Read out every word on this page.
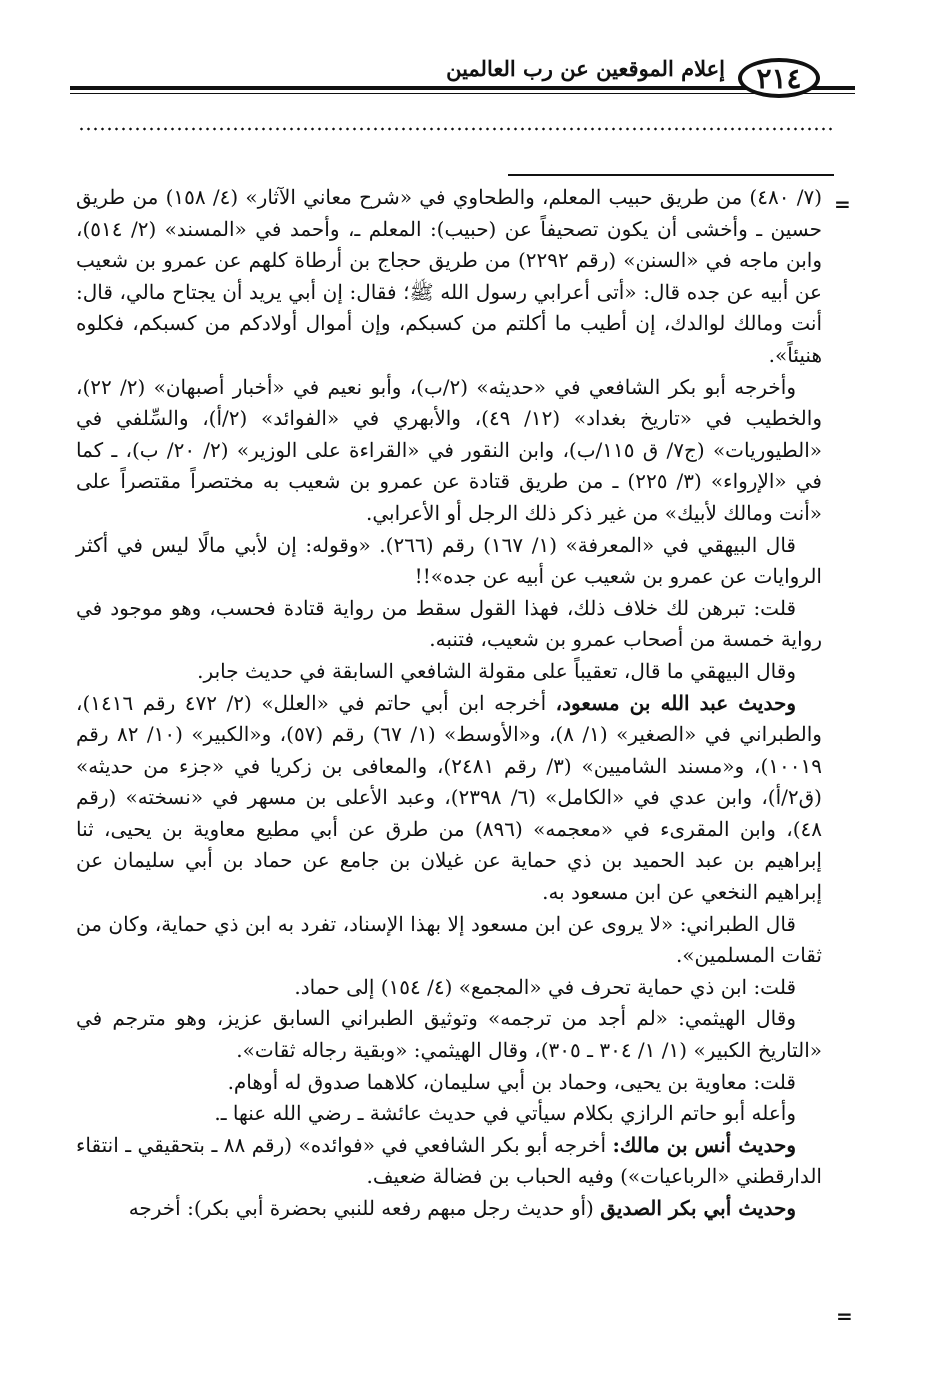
٢١٤
إعلام الموقعين عن رب العالمين
=

(٧/ ٤٨٠) من طريق حبيب المعلم، والطحاوي في «شرح معاني الآثار» (٤/ ١٥٨) من طريق حسين ـ وأخشى أن يكون تصحيفاً عن (حبيب): المعلم ـ، وأحمد في «المسند» (٢/ ٥١٤)، وابن ماجه في «السنن» (رقم ٢٢٩٢) من طريق حجاج بن أرطاة كلهم عن عمرو بن شعيب عن أبيه عن جده قال: «أتى أعرابي رسول الله ﷺ؛ فقال: إن أبي يريد أن يجتاح مالي، قال: أنت ومالك لوالدك، إن أطيب ما أكلتم من كسبكم، وإن أموال أولادكم من كسبكم، فكلوه هنيئاً».

وأخرجه أبو بكر الشافعي في «حديثه» (٢/ب)، وأبو نعيم في «أخبار أصبهان» (٢/ ٢٢)، والخطيب في «تاريخ بغداد» (١٢/ ٤٩)، والأبهري في «الفوائد» (٢/أ)، والسِّلفي في «الطيوريات» (ج٧/ ق ١١٥/ب)، وابن النقور في «القراءة على الوزير» (٢/ ٢٠/ ب)، ـ كما في «الإرواء» (٣/ ٢٢٥) ـ من طريق قتادة عن عمرو بن شعيب به مختصراً مقتصراً على «أنت ومالك لأبيك» من غير ذكر ذلك الرجل أو الأعرابي.

قال البيهقي في «المعرفة» (١/ ١٦٧) رقم (٢٦٦). «وقوله: إن لأبي مالًا ليس في أكثر الروايات عن عمرو بن شعيب عن أبيه عن جده»!!

قلت: تبرهن لك خلاف ذلك، فهذا القول سقط من رواية قتادة فحسب، وهو موجود في رواية خمسة من أصحاب عمرو بن شعيب، فتنبه.

وقال البيهقي ما قال، تعقيباً على مقولة الشافعي السابقة في حديث جابر.

وحديث عبد الله بن مسعود، أخرجه ابن أبي حاتم في «العلل» (٢/ ٤٧٢ رقم ١٤١٦)، والطبراني في «الصغير» (١/ ٨)، و«الأوسط» (١/ ٦٧) رقم (٥٧)، و«الكبير» (١٠/ ٨٢ رقم ١٠٠١٩)، و«مسند الشاميين» (٣/ رقم ٢٤٨١)، والمعافى بن زكريا في «جزء من حديثه» (ق٢/أ)، وابن عدي في «الكامل» (٦/ ٢٣٩٨)، وعبد الأعلى بن مسهر في «نسخته» (رقم ٤٨)، وابن المقرىء في «معجمه» (٨٩٦) من طرق عن أبي مطيع معاوية بن يحيى، ثنا إبراهيم بن عبد الحميد بن ذي حماية عن غيلان بن جامع عن حماد بن أبي سليمان عن إبراهيم النخعي عن ابن مسعود به.

قال الطبراني: «لا يروى عن ابن مسعود إلا بهذا الإسناد، تفرد به ابن ذي حماية، وكان من ثقات المسلمين».

قلت: ابن ذي حماية تحرف في «المجمع» (٤/ ١٥٤) إلى حماد.

وقال الهيثمي: «لم أجد من ترجمه» وتوثيق الطبراني السابق عزيز، وهو مترجم في «التاريخ الكبير» (١/ ١/ ٣٠٤ ـ ٣٠٥)، وقال الهيثمي: «وبقية رجاله ثقات».

قلت: معاوية بن يحيى، وحماد بن أبي سليمان، كلاهما صدوق له أوهام.

وأعله أبو حاتم الرازي بكلام سيأتي في حديث عائشة ـ رضي الله عنها ـ.

وحديث أنس بن مالك: أخرجه أبو بكر الشافعي في «فوائده» (رقم ٨٨ ـ بتحقيقي ـ انتقاء الدارقطني «الرباعيات») وفيه الحباب بن فضالة ضعيف.

وحديث أبي بكر الصديق (أو حديث رجل مبهم رفعه للنبي بحضرة أبي بكر): أخرجه

=
